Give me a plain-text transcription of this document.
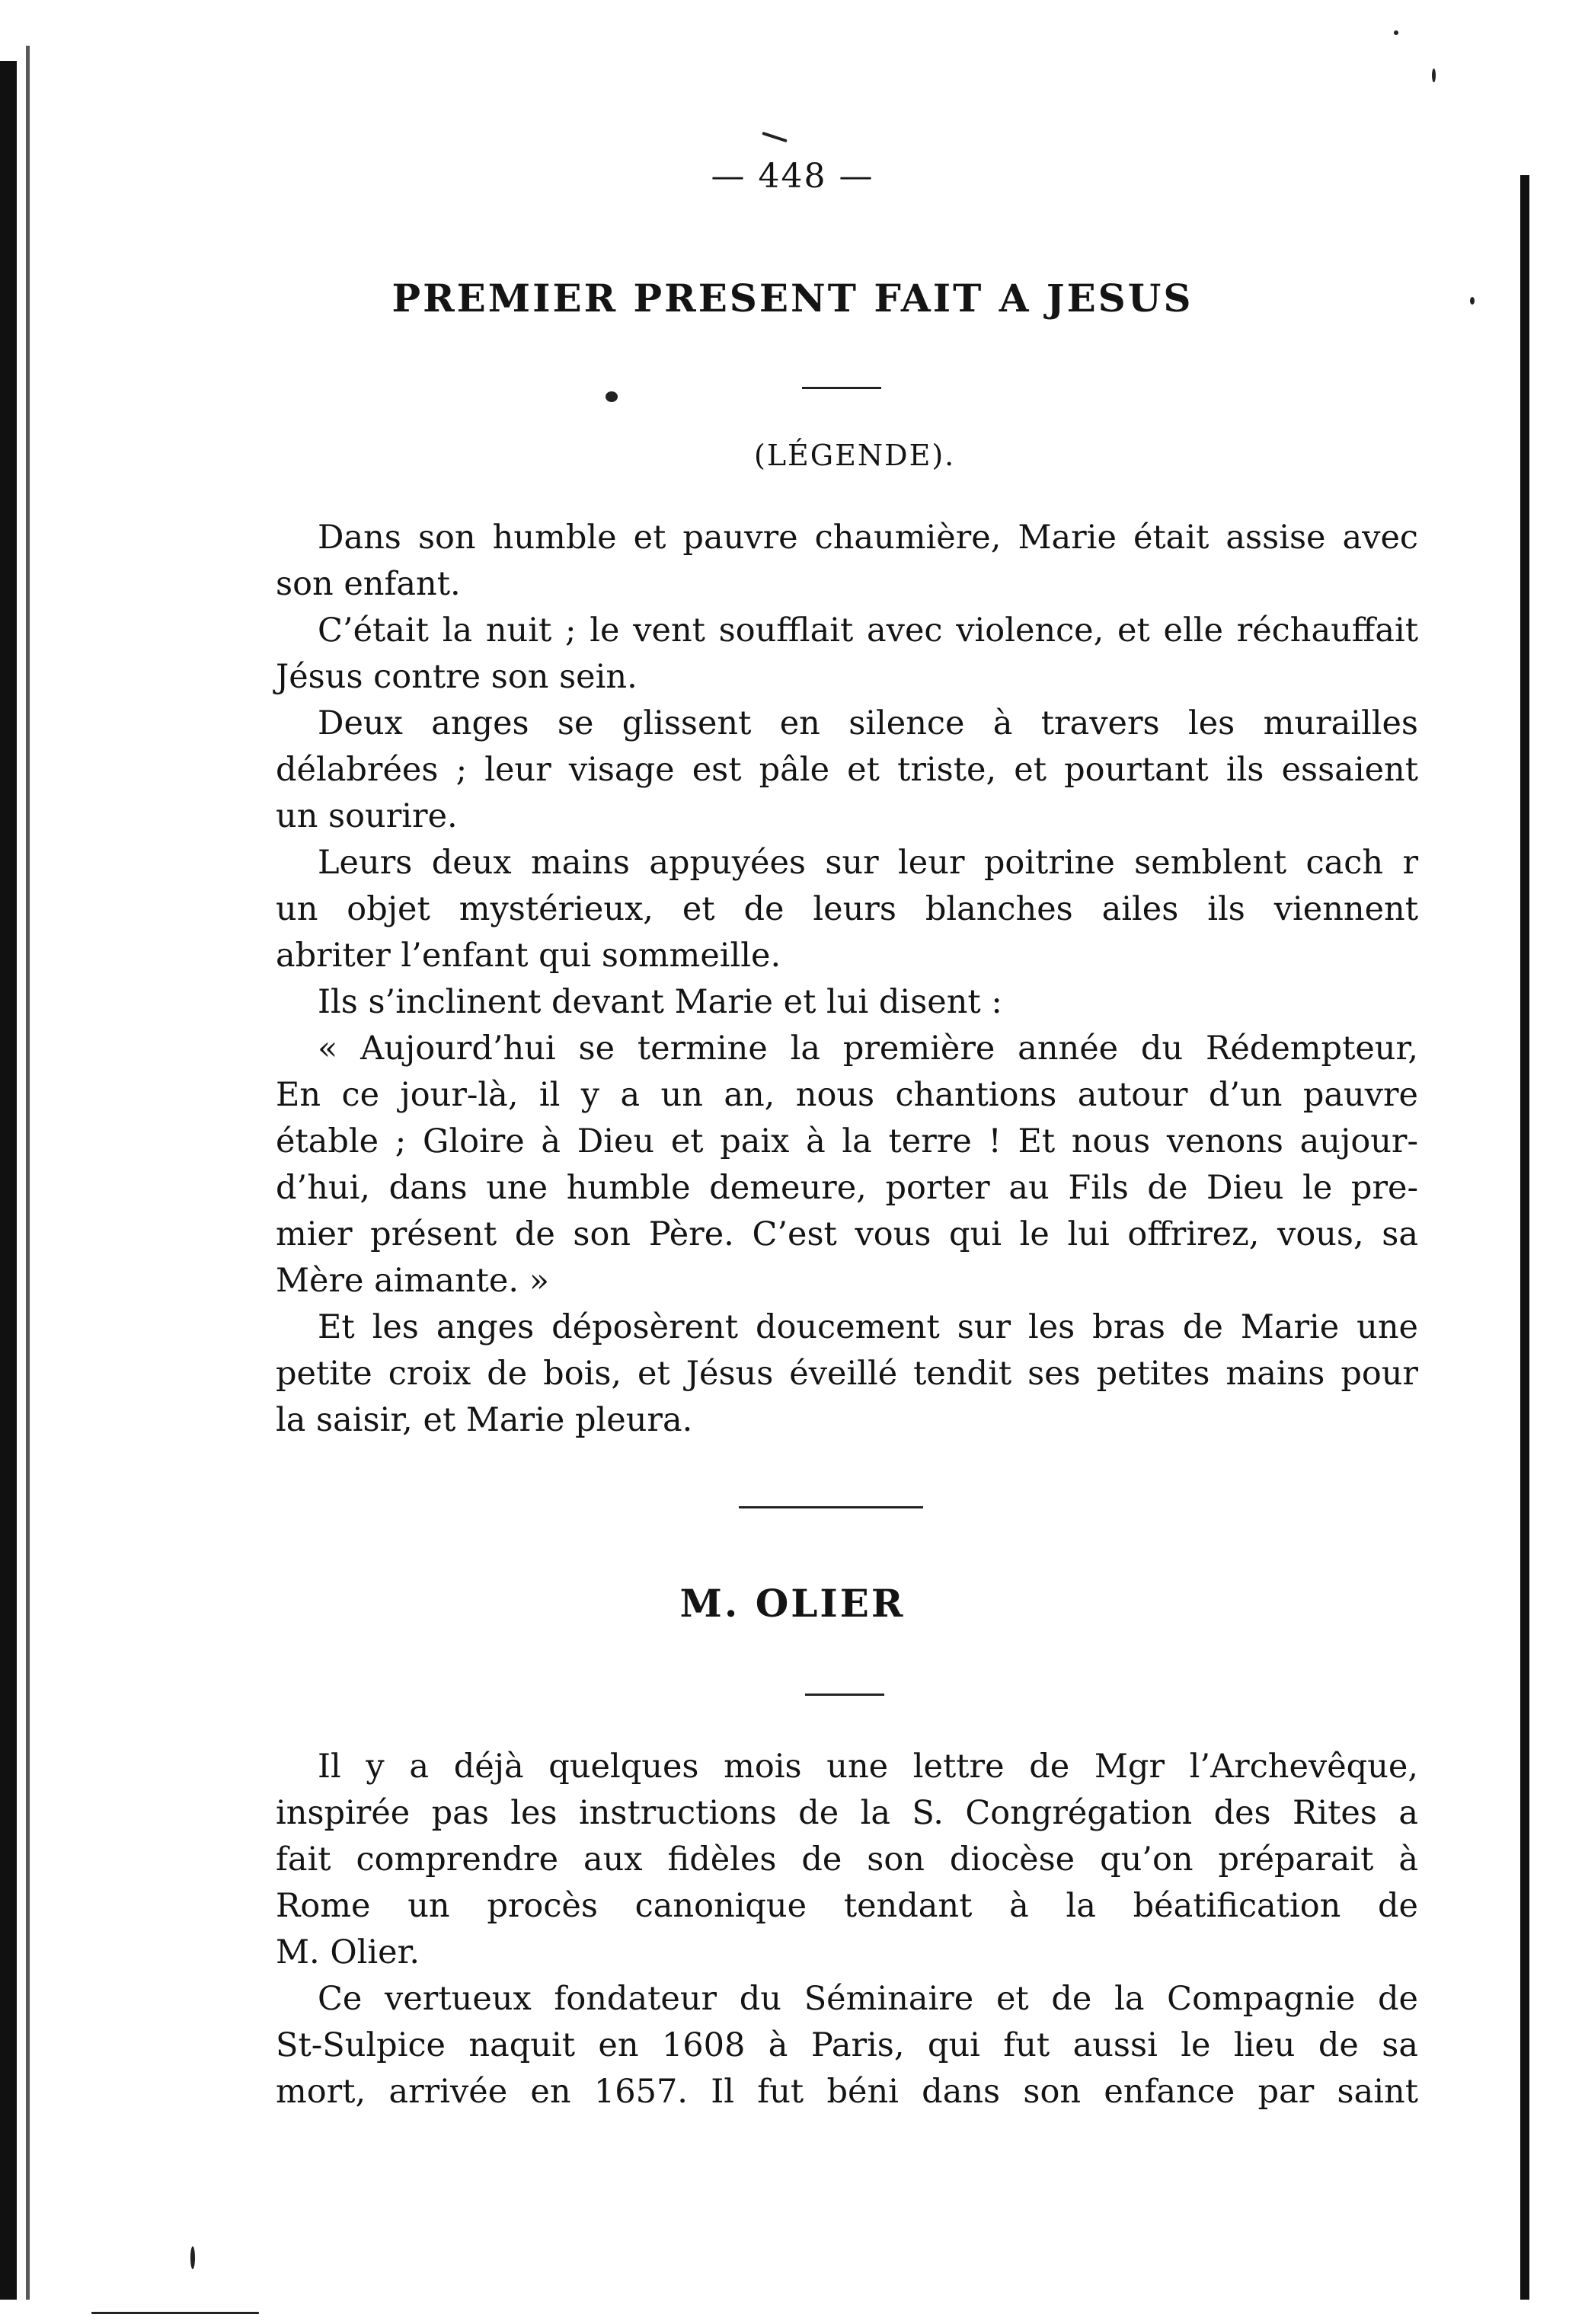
— 448 —
PREMIER PRESENT FAIT A JESUS
(LÉGENDE).
Dans son humble et pauvre chaumière, Marie était assise avec
son enfant.
C’était la nuit ; le vent soufflait avec violence, et elle réchauffait
Jésus contre son sein.
Deux anges se glissent en silence à travers les murailles
délabrées ; leur visage est pâle et triste, et pourtant ils essaient
un sourire.
Leurs deux mains appuyées sur leur poitrine semblent cach r
un objet mystérieux, et de leurs blanches ailes ils viennent
abriter l’enfant qui sommeille.
Ils s’inclinent devant Marie et lui disent :
« Aujourd’hui se termine la première année du Rédempteur,
En ce jour-là, il y a un an, nous chantions autour d’un pauvre
étable ; Gloire à Dieu et paix à la terre ! Et nous venons aujour-
d’hui, dans une humble demeure, porter au Fils de Dieu le pre-
mier présent de son Père. C’est vous qui le lui offrirez, vous, sa
Mère aimante. »
Et les anges déposèrent doucement sur les bras de Marie une
petite croix de bois, et Jésus éveillé tendit ses petites mains pour
la saisir, et Marie pleura.
M. OLIER
Il y a déjà quelques mois une lettre de Mgr l’Archevêque,
inspirée pas les instructions de la S. Congrégation des Rites a
fait comprendre aux fidèles de son diocèse qu’on préparait à
Rome un procès canonique tendant à la béatification de
M. Olier.
Ce vertueux fondateur du Séminaire et de la Compagnie de
St-Sulpice naquit en 1608 à Paris, qui fut aussi le lieu de sa
mort, arrivée en 1657. Il fut béni dans son enfance par saint
